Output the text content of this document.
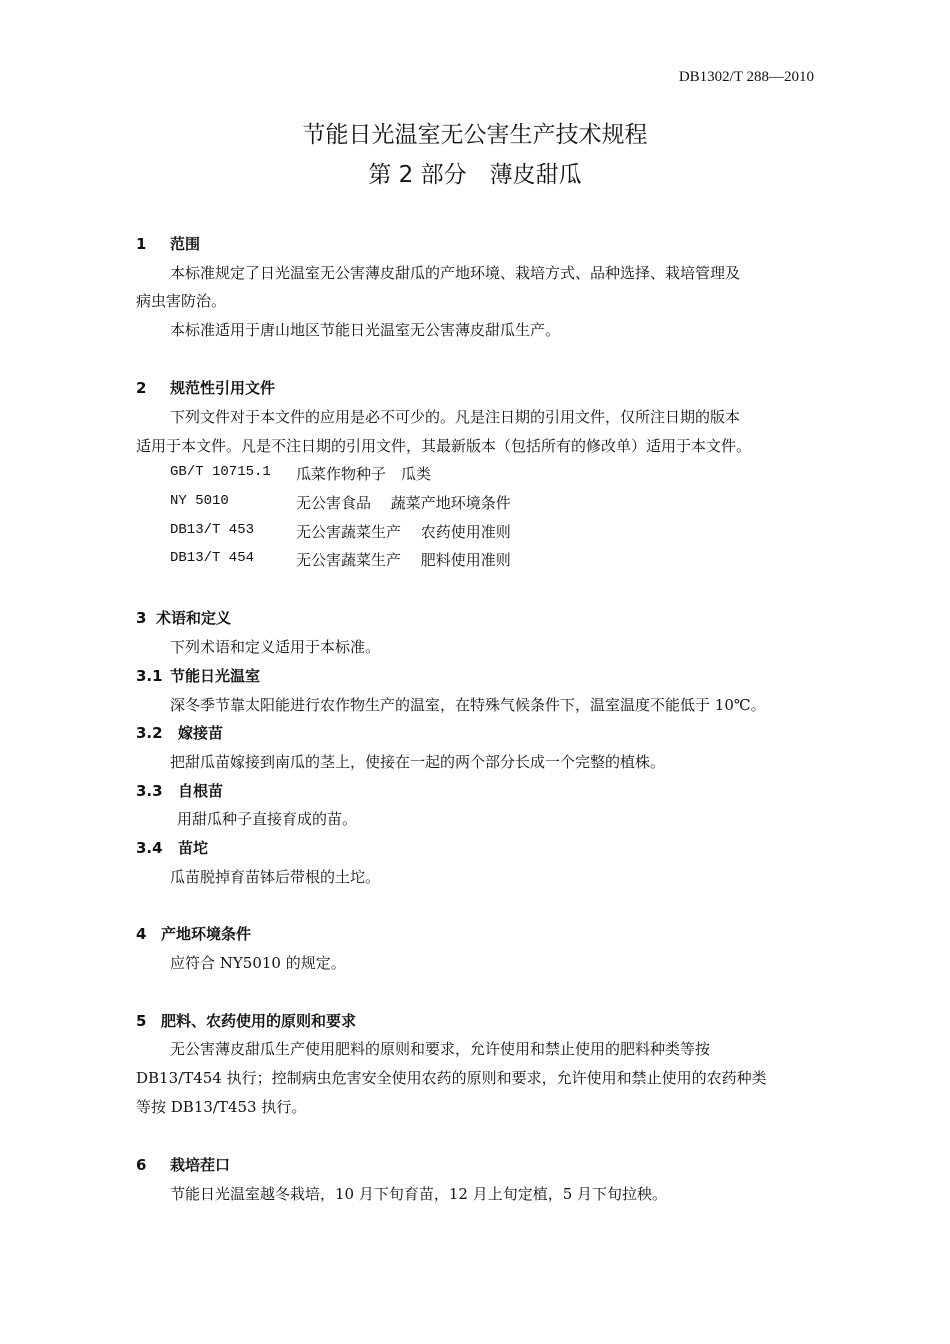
DB1302/T 288—2010
节能日光温室无公害生产技术规程
第 2 部分　薄皮甜瓜
1 范围
本标准规定了日光温室无公害薄皮甜瓜的产地环境、栽培方式、品种选择、栽培管理及
病虫害防治。
本标准适用于唐山地区节能日光温室无公害薄皮甜瓜生产。
2 规范性引用文件
下列文件对于本文件的应用是必不可少的。凡是注日期的引用文件，仅所注日期的版本
适用于本文件。凡是不注日期的引用文件，其最新版本（包括所有的修改单）适用于本文件。
GB/T 10715.1 瓜菜作物种子　瓜类
NY 5010	无公害食品　 蔬菜产地环境条件
DB13/T 453	无公害蔬菜生产　 农药使用准则
DB13/T 454	无公害蔬菜生产　 肥料使用准则
3 术语和定义
下列术语和定义适用于本标准。
3.1 节能日光温室
深冬季节靠太阳能进行农作物生产的温室，在特殊气候条件下，温室温度不能低于 10℃。
3.2 嫁接苗
把甜瓜苗嫁接到南瓜的茎上，使接在一起的两个部分长成一个完整的植株。
3.3 自根苗
用甜瓜种子直接育成的苗。
3.4 苗坨
瓜苗脱掉育苗钵后带根的土坨。
4 产地环境条件
应符合 NY5010 的规定。
5 肥料、农药使用的原则和要求
无公害薄皮甜瓜生产使用肥料的原则和要求，允许使用和禁止使用的肥料种类等按
DB13/T454 执行；控制病虫危害安全使用农药的原则和要求，允许使用和禁止使用的农药种类
等按 DB13/T453 执行。
6 栽培茬口
节能日光温室越冬栽培，10 月下旬育苗，12 月上旬定植，5 月下旬拉秧。
